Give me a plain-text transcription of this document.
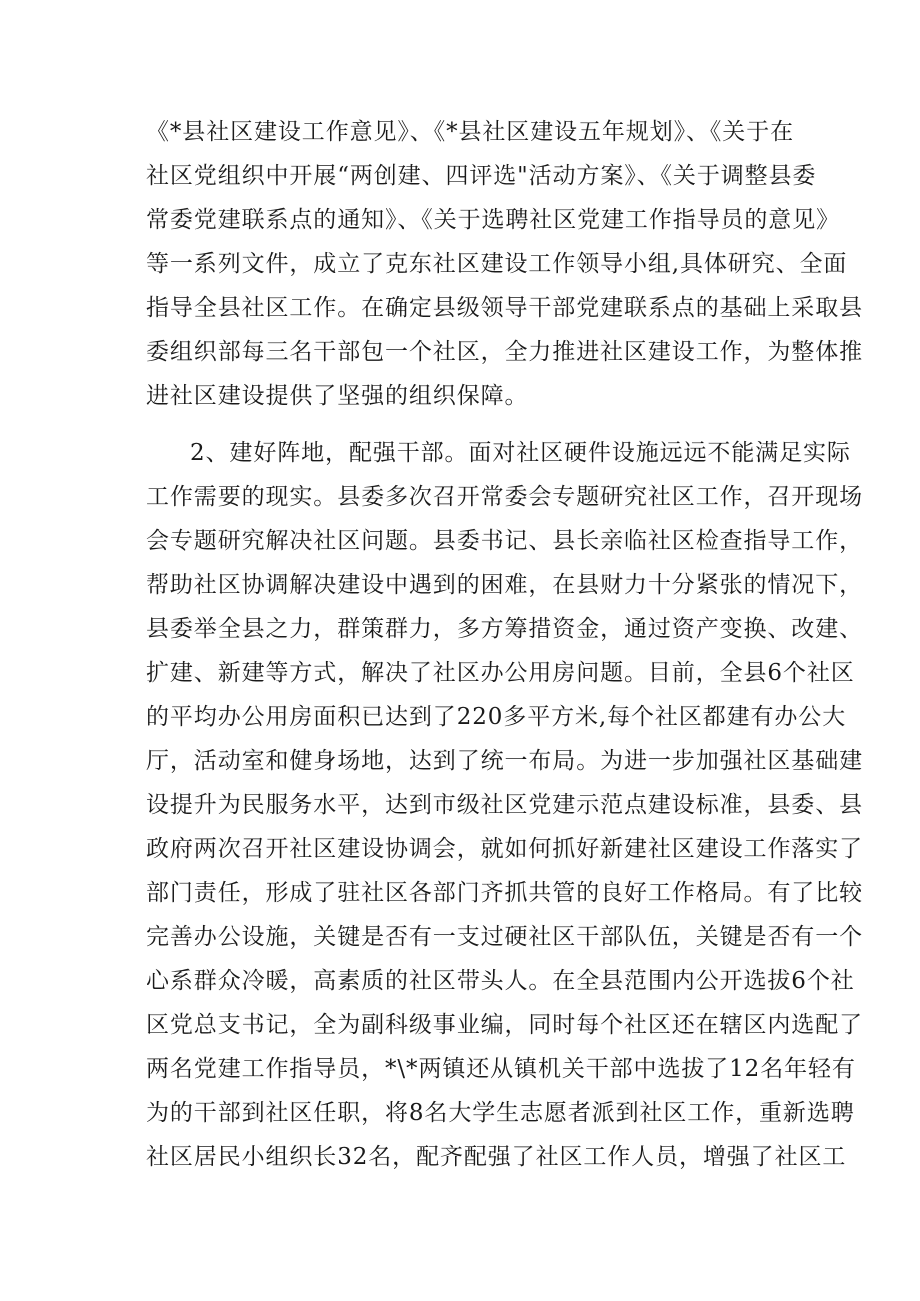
《*县社区建设工作意见》、《*县社区建设五年规划》、《关于在

社区党组织中开展“两创建、四评选"活动方案》、《关于调整县委

常委党建联系点的通知》、《关于选聘社区党建工作指导员的意见》

等一系列文件，成立了克东社区建设工作领导小组,具体研究、全面

指导全县社区工作。在确定县级领导干部党建联系点的基础上采取县

委组织部每三名干部包一个社区，全力推进社区建设工作，为整体推

进社区建设提供了坚强的组织保障。

2、建好阵地，配强干部。面对社区硬件设施远远不能满足实际

工作需要的现实。县委多次召开常委会专题研究社区工作，召开现场

会专题研究解决社区问题。县委书记、县长亲临社区检查指导工作，

帮助社区协调解决建设中遇到的困难，在县财力十分紧张的情况下，

县委举全县之力，群策群力，多方筹措资金，通过资产变换、改建、

扩建、新建等方式，解决了社区办公用房问题。目前，全县6个社区

的平均办公用房面积已达到了220多平方米,每个社区都建有办公大

厅，活动室和健身场地，达到了统一布局。为进一步加强社区基础建

设提升为民服务水平，达到市级社区党建示范点建设标准，县委、县

政府两次召开社区建设协调会，就如何抓好新建社区建设工作落实了

部门责任，形成了驻社区各部门齐抓共管的良好工作格局。有了比较

完善办公设施，关键是否有一支过硬社区干部队伍，关键是否有一个

心系群众冷暖，高素质的社区带头人。在全县范围内公开选拔6个社

区党总支书记，全为副科级事业编，同时每个社区还在辖区内选配了

两名党建工作指导员，*\*两镇还从镇机关干部中选拔了12名年轻有

为的干部到社区任职，将8名大学生志愿者派到社区工作，重新选聘

社区居民小组织长32名，配齐配强了社区工作人员，增强了社区工
